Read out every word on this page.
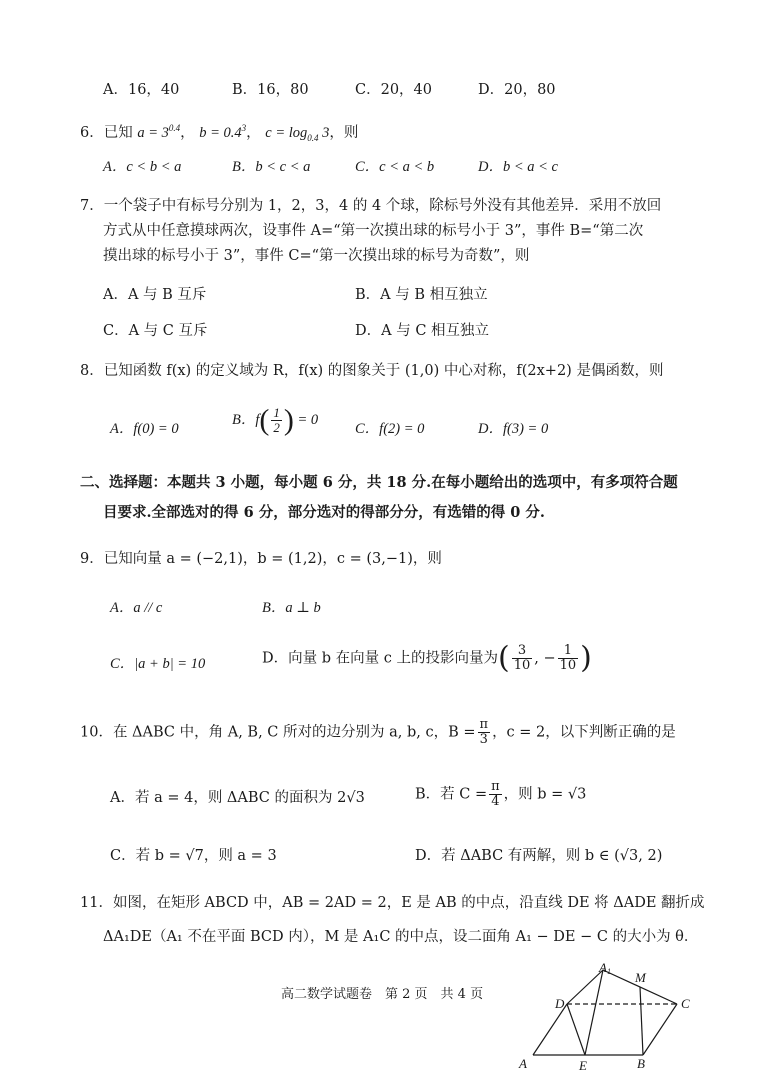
A．16，40	B．16，80	C．20，40	D．20，80
6．已知 $a = 3^{0.4}$， $b = 0.4^3$， $c = \log_{0.4} 3$，则
A．c < b < a	B．b < c < a	C．c < a < b	D．b < a < c
7．一个袋子中有标号分别为 1，2，3，4 的 4 个球，除标号外没有其他差异．采用不放回
方式从中任意摸球两次，设事件 A=“第一次摸出球的标号小于 3”，事件 B=“第二次
摸出球的标号小于 3”，事件 C=“第一次摸出球的标号为奇数”，则
A．A 与 B 互斥	B．A 与 B 相互独立
C．A 与 C 互斥	D．A 与 C 相互独立
8．已知函数 f(x) 的定义域为 R，f(x) 的图象关于 (1,0) 中心对称，f(2x+2) 是偶函数，则
A．f(0) = 0
B．$f( \frac{1}{2}$ ) = 0
C．f(2) = 0	D．f(3) = 0
二、选择题：本题共 3 小题，每小题 6 分，共 18 分.在每小题给出的选项中，有多项符合题
目要求.全部选对的得 6 分，部分选对的得部分分，有选错的得 0 分.
9．已知向量 a = (−2,1)，b = (1,2)，c = (3,−1)，则
A．a // c	B．a ⊥ b
C．|a + b| = 10	D．向量 b 在向量 c 上的投影向量为( $\frac{3}{10}$ , − $\frac{1}{10}$ )
10．在 ΔABC 中，角 A, B, C 所对的边分别为 a, b, c，$B = \frac{\pi}{3}$ ，c = 2，以下判断正确的是
A．若 a = 4，则 ΔABC 的面积为 2√3	B．若 $C = \frac{\pi}{4}$ ，则 b = √3
C．若 b = √7，则 a = 3	D．若 ΔABC 有两解，则 b ∈ (√3, 2)
11．如图，在矩形 ABCD 中，AB = 2AD = 2，E 是 AB 的中点，沿直线 DE 将 ΔADE 翻折成
ΔA₁DE（A₁ 不在平面 BCD 内），M 是 A₁C 的中点，设二面角 A₁ − DE − C 的大小为 θ．
高二数学试题卷　第 2 页　共 4 页
A	B
C
D
E
M
A1
